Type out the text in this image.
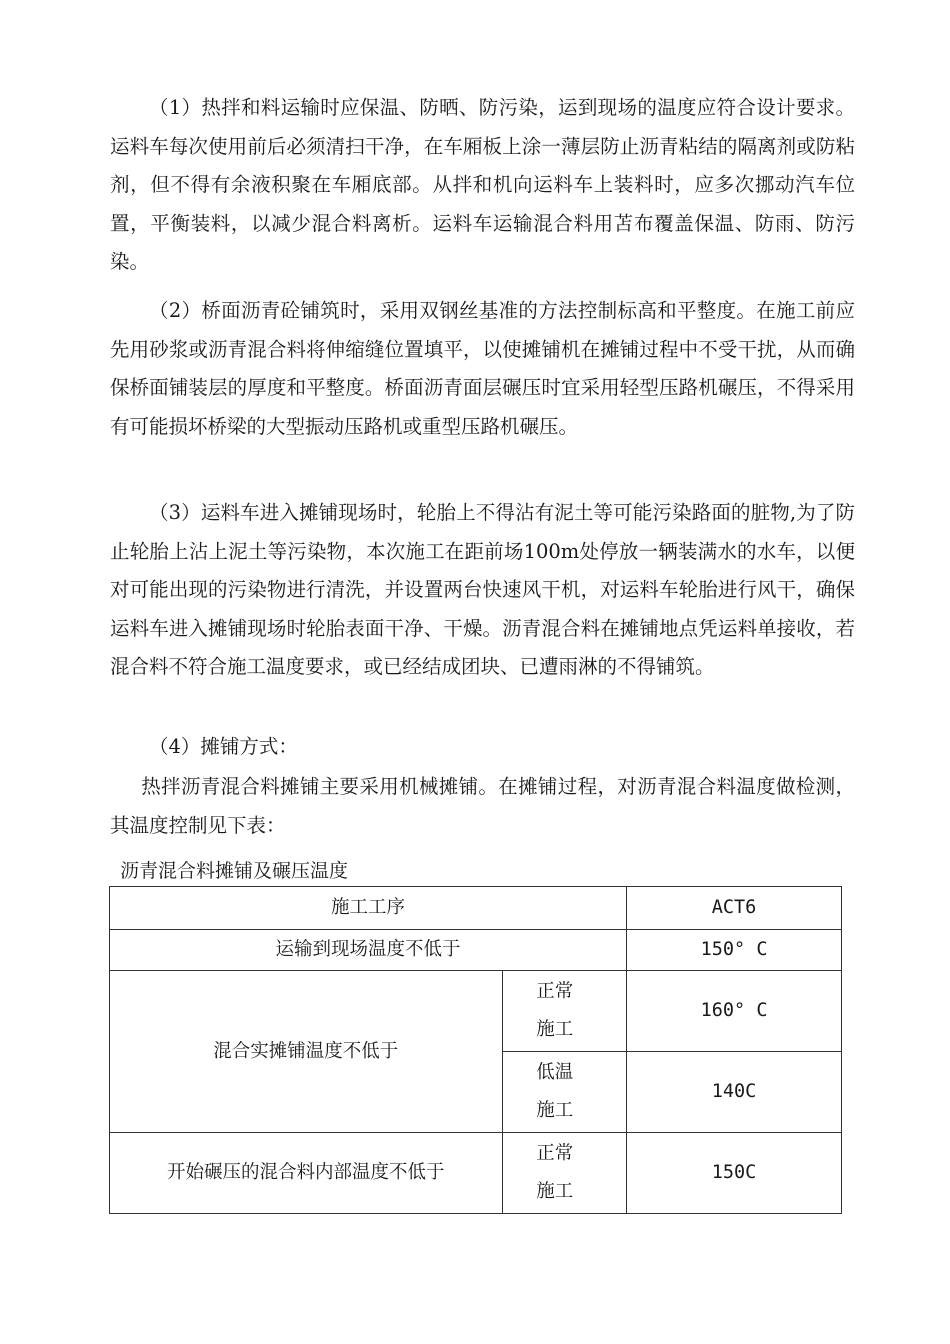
（1）热拌和料运输时应保温、防晒、防污染，运到现场的温度应符合设计要求。运料车每次使用前后必须清扫干净，在车厢板上涂一薄层防止沥青粘结的隔离剂或防粘剂，但不得有余液积聚在车厢底部。从拌和机向运料车上装料时，应多次挪动汽车位置，平衡装料，以减少混合料离析。运料车运输混合料用苫布覆盖保温、防雨、防污染。

（2）桥面沥青砼铺筑时，采用双钢丝基准的方法控制标高和平整度。在施工前应先用砂浆或沥青混合料将伸缩缝位置填平，以使摊铺机在摊铺过程中不受干扰，从而确保桥面铺装层的厚度和平整度。桥面沥青面层碾压时宜采用轻型压路机碾压，不得采用有可能损坏桥梁的大型振动压路机或重型压路机碾压。

（3）运料车进入摊铺现场时，轮胎上不得沾有泥土等可能污染路面的脏物,为了防止轮胎上沾上泥土等污染物，本次施工在距前场100m处停放一辆装满水的水车，以便对可能出现的污染物进行清洗，并设置两台快速风干机，对运料车轮胎进行风干，确保运料车进入摊铺现场时轮胎表面干净、干燥。沥青混合料在摊铺地点凭运料单接收，若混合料不符合施工温度要求，或已经结成团块、已遭雨淋的不得铺筑。

（4）摊铺方式：

热拌沥青混合料摊铺主要采用机械摊铺。在摊铺过程，对沥青混合料温度做检测，其温度控制见下表：

沥青混合料摊铺及碾压温度
施工工序		ACT6
运输到现场温度不低于		150° C
混合实摊铺温度不低于	正常施工	160° C
	低温施工	140C
开始碾压的混合料内部温度不低于	正常施工	150C
